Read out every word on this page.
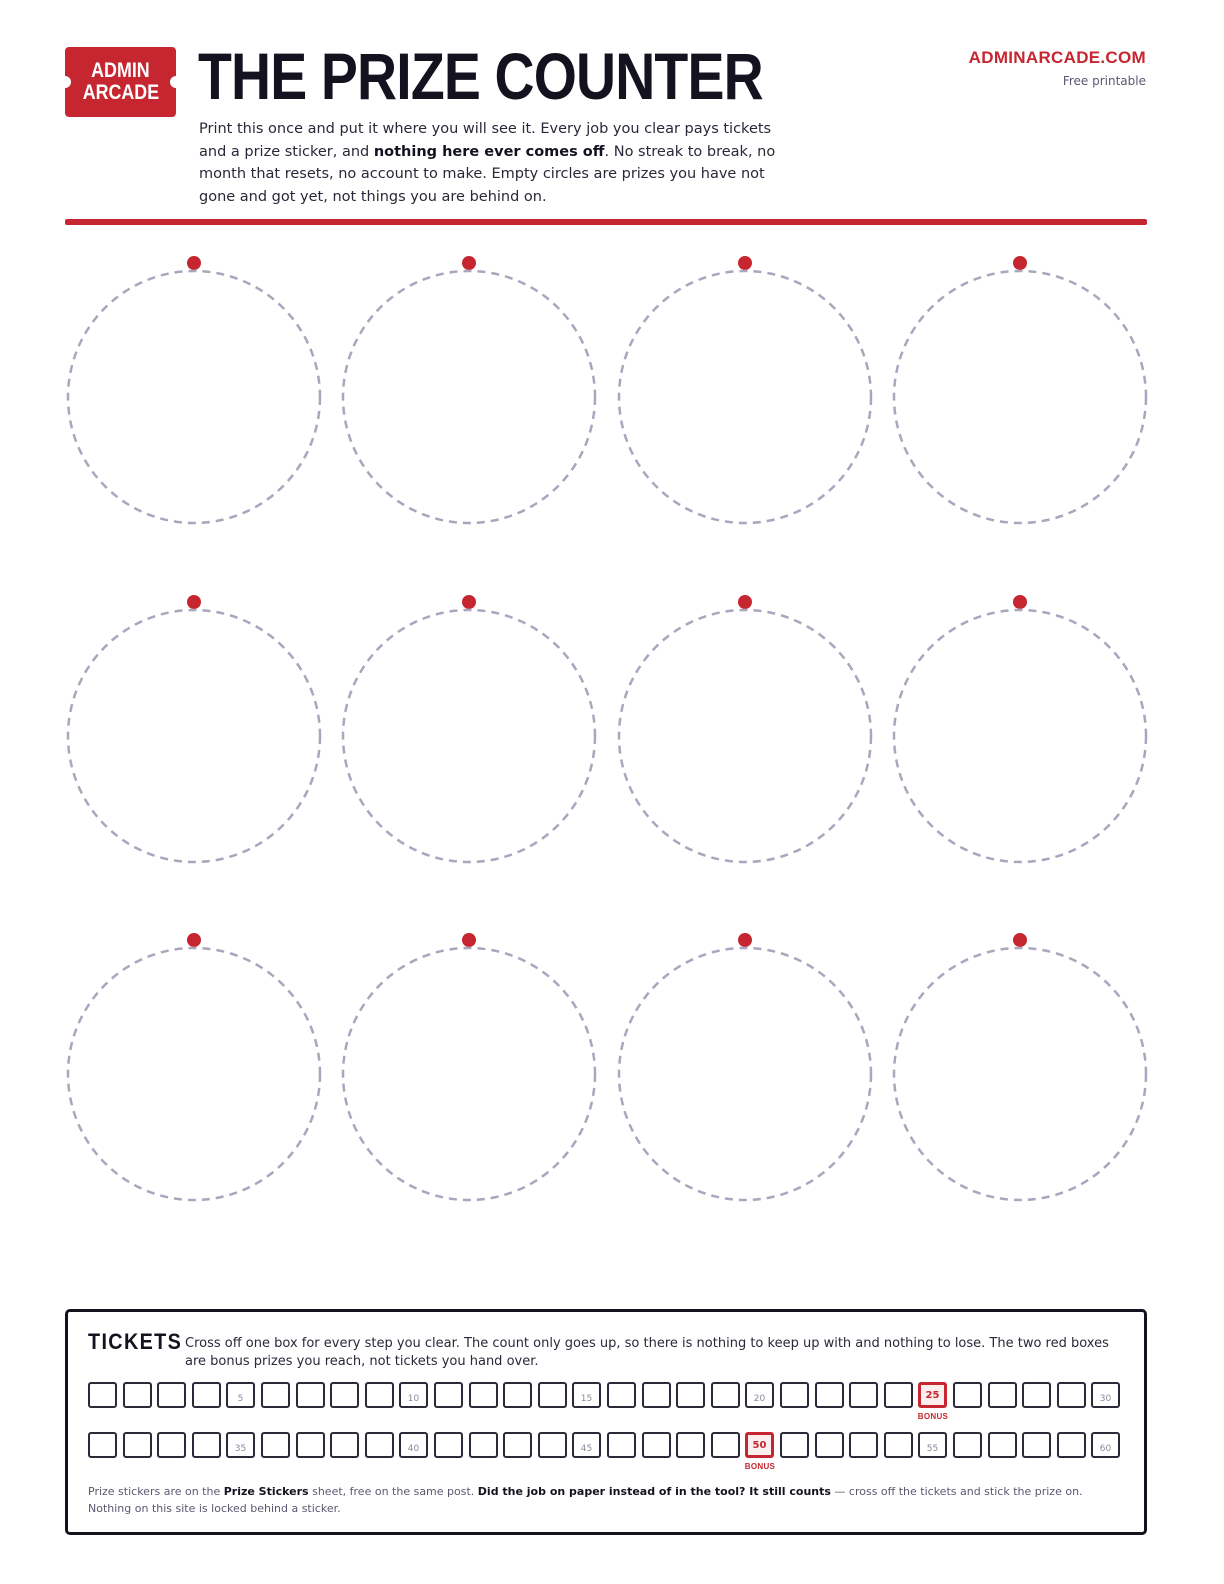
ADMIN
ARCADE THE PRIZE COUNTER	ADMINARCADE.COM
Free printable

Print this once and put it where you will see it. Every job you clear pays tickets and a prize sticker, and nothing here ever comes off. No streak to break, no month that resets, no account to make. Empty circles are prizes you have not gone and got yet, not things you are behind on.

TICKETS Cross off one box for every step you clear. The count only goes up, so there is nothing to keep up with and nothing to lose. The two red boxes are bonus prizes you reach, not tickets you hand over.

5	10	15	20	25
BONUS
30
35	40	45	50
BONUS
55	60

Prize stickers are on the Prize Stickers sheet, free on the same post. Did the job on paper instead of in the tool? It still counts — cross off the tickets and stick the prize on. Nothing on this site is locked behind a sticker.
